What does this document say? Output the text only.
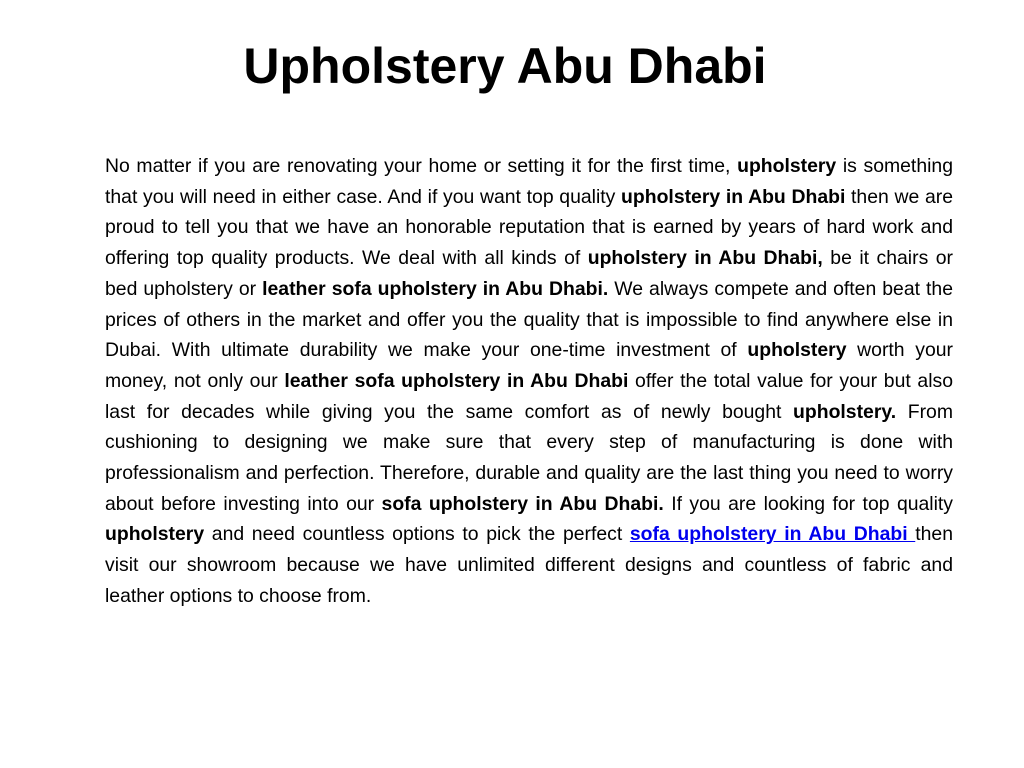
Upholstery Abu Dhabi

No matter if you are renovating your home or setting it for the first time, upholstery is something that you will need in either case. And if you want top quality upholstery in Abu Dhabi then we are proud to tell you that we have an honorable reputation that is earned by years of hard work and offering top quality products. We deal with all kinds of upholstery in Abu Dhabi, be it chairs or bed upholstery or leather sofa upholstery in Abu Dhabi. We always compete and often beat the prices of others in the market and offer you the quality that is impossible to find anywhere else in Dubai. With ultimate durability we make your one-time investment of upholstery worth your money, not only our leather sofa upholstery in Abu Dhabi offer the total value for your but also last for decades while giving you the same comfort as of newly bought upholstery. From cushioning to designing we make sure that every step of manufacturing is done with professionalism and perfection. Therefore, durable and quality are the last thing you need to worry about before investing into our sofa upholstery in Abu Dhabi. If you are looking for top quality upholstery and need countless options to pick the perfect sofa upholstery in Abu Dhabi then visit our showroom because we have unlimited different designs and countless of fabric and leather options to choose from.
